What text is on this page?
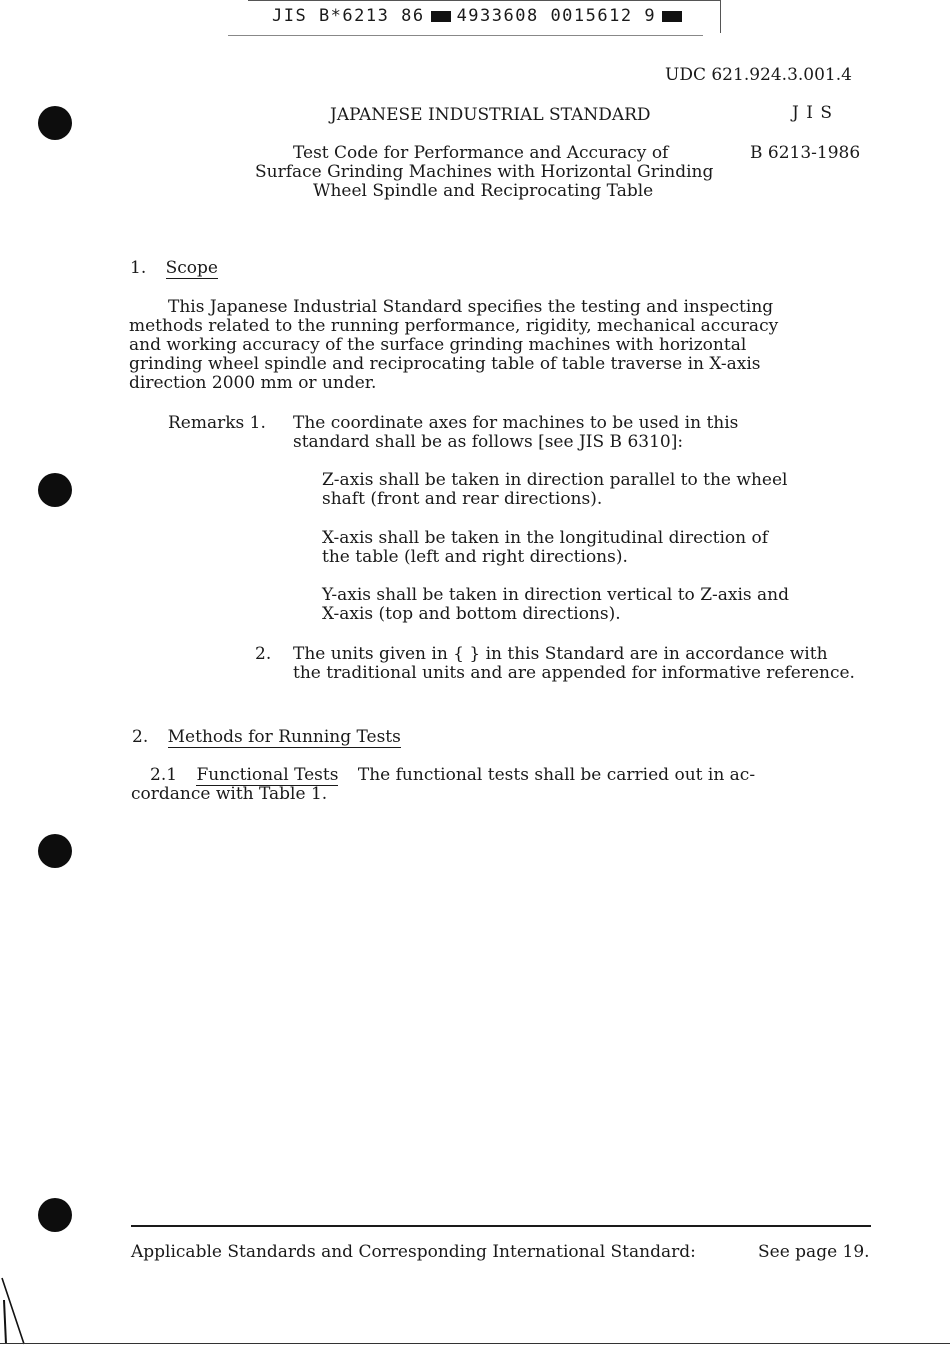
JIS B*6213 86 4933608 0015612 9
UDC 621.924.3.001.4
JAPANESE INDUSTRIAL STANDARD	J I S
B 6213-1986
Test Code for Performance and Accuracy of
Surface Grinding Machines with Horizontal Grinding
Wheel Spindle and Reciprocating Table
1. Scope
This Japanese Industrial Standard specifies the testing and inspecting
methods related to the running performance, rigidity, mechanical accuracy
and working accuracy of the surface grinding machines with horizontal
grinding wheel spindle and reciprocating table of table traverse in X-axis
direction 2000 mm or under.
Remarks 1. The coordinate axes for machines to be used in this
standard shall be as follows [see JIS B 6310]:
Z-axis shall be taken in direction parallel to the wheel
shaft (front and rear directions).
X-axis shall be taken in the longitudinal direction of
the table (left and right directions).
Y-axis shall be taken in direction vertical to Z-axis and
X-axis (top and bottom directions).
2. The units given in { } in this Standard are in accordance with
the traditional units and are appended for informative reference.
2. Methods for Running Tests
2.1 Functional Tests The functional tests shall be carried out in ac-
cordance with Table 1.
Applicable Standards and Corresponding International Standard:	See page 19.
